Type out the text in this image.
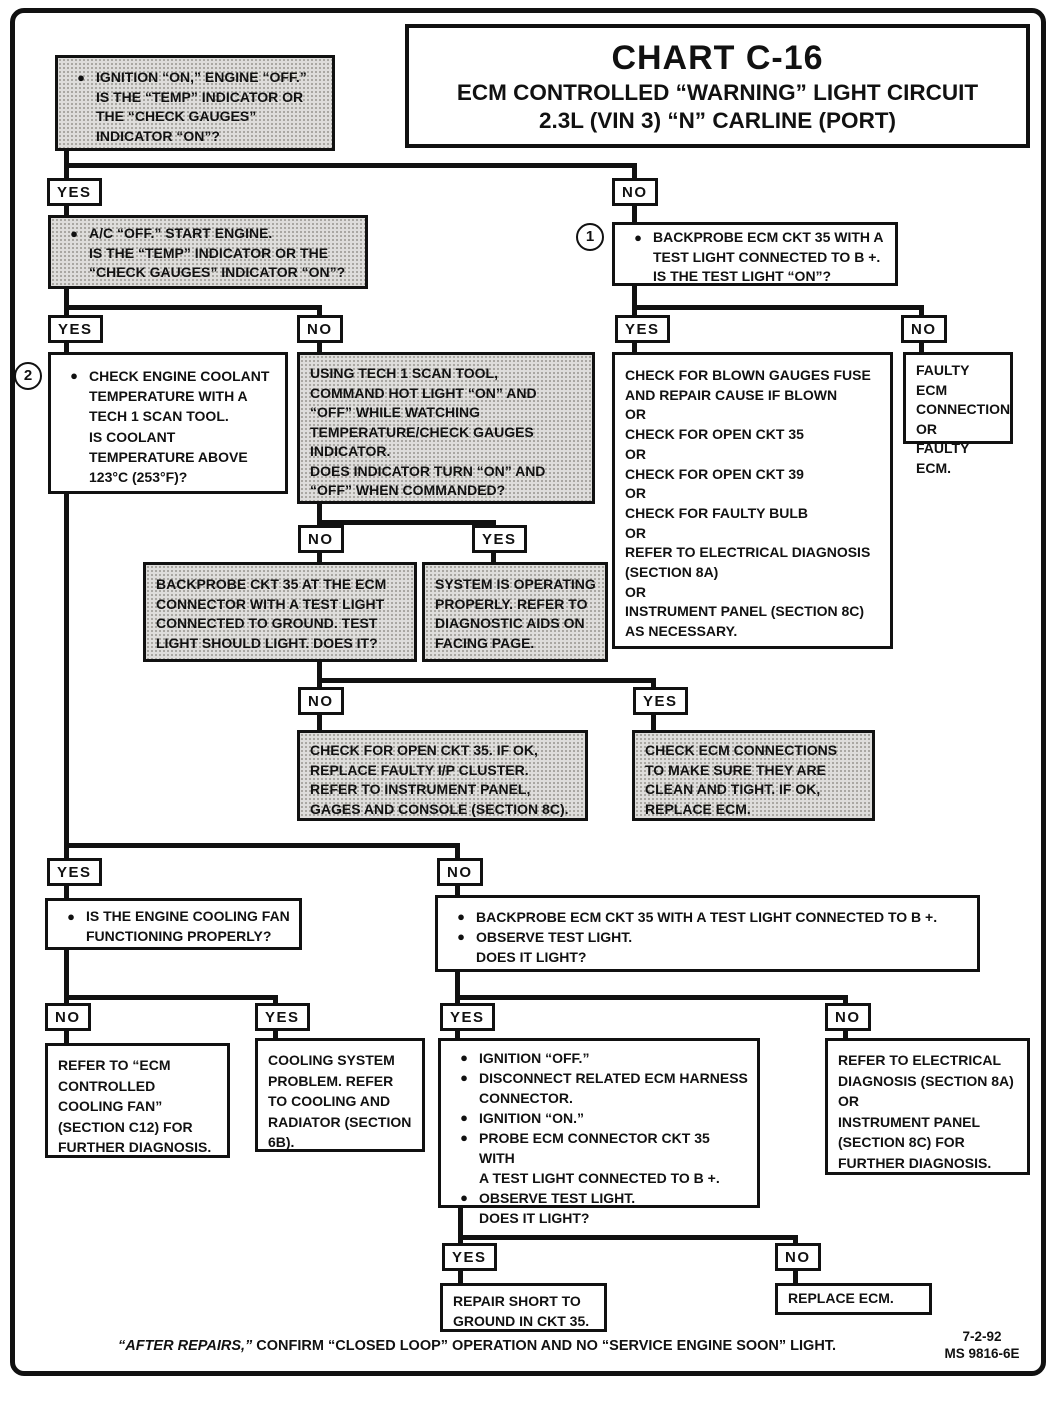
CHART C-16
ECM CONTROLLED “WARNING” LIGHT CIRCUIT
2.3L (VIN 3) “N” CARLINE (PORT)
1
2
● IGNITION “ON,” ENGINE “OFF.”
IS THE “TEMP” INDICATOR OR
THE “CHECK GAUGES”
INDICATOR “ON”?
● A/C “OFF.” START ENGINE.
IS THE “TEMP” INDICATOR OR THE
“CHECK GAUGES” INDICATOR “ON”?
● BACKPROBE ECM CKT 35 WITH A
TEST LIGHT CONNECTED TO B +.
IS THE TEST LIGHT “ON”?
● CHECK ENGINE COOLANT
TEMPERATURE WITH A
TECH 1 SCAN TOOL.
IS COOLANT
TEMPERATURE ABOVE
123°C (253°F)?
USING TECH 1 SCAN TOOL,
COMMAND HOT LIGHT “ON” AND
“OFF” WHILE WATCHING
TEMPERATURE/CHECK GAUGES
INDICATOR.
DOES INDICATOR TURN “ON” AND
“OFF” WHEN COMMANDED?
CHECK FOR BLOWN GAUGES FUSE
AND REPAIR CAUSE IF BLOWN
OR
CHECK FOR OPEN CKT 35
OR
CHECK FOR OPEN CKT 39
OR
CHECK FOR FAULTY BULB
OR
REFER TO ELECTRICAL DIAGNOSIS
(SECTION 8A)
OR
INSTRUMENT PANEL (SECTION 8C)
AS NECESSARY.
FAULTY ECM
CONNECTION
OR
FAULTY ECM.
BACKPROBE CKT 35 AT THE ECM
CONNECTOR WITH A TEST LIGHT
CONNECTED TO GROUND. TEST
LIGHT SHOULD LIGHT. DOES IT?
SYSTEM IS OPERATING
PROPERLY. REFER TO
DIAGNOSTIC AIDS ON
FACING PAGE.
CHECK FOR OPEN CKT 35. IF OK,
REPLACE FAULTY I/P CLUSTER.
REFER TO INSTRUMENT PANEL,
GAGES AND CONSOLE (SECTION 8C).
CHECK ECM CONNECTIONS
TO MAKE SURE THEY ARE
CLEAN AND TIGHT. IF OK,
REPLACE ECM.
● IS THE ENGINE COOLING FAN
FUNCTIONING PROPERLY?
● BACKPROBE ECM CKT 35 WITH A TEST LIGHT CONNECTED TO B +.
● OBSERVE TEST LIGHT.
DOES IT LIGHT?
REFER TO “ECM
CONTROLLED
COOLING FAN”
(SECTION C12) FOR
FURTHER DIAGNOSIS.
COOLING SYSTEM
PROBLEM. REFER
TO COOLING AND
RADIATOR (SECTION
6B).
● IGNITION “OFF.”
● DISCONNECT RELATED ECM HARNESS
CONNECTOR.
● IGNITION “ON.”
● PROBE ECM CONNECTOR CKT 35 WITH
A TEST LIGHT CONNECTED TO B +.
● OBSERVE TEST LIGHT.
DOES IT LIGHT?
REFER TO ELECTRICAL
DIAGNOSIS (SECTION 8A)
OR
INSTRUMENT PANEL
(SECTION 8C) FOR
FURTHER DIAGNOSIS.
REPAIR SHORT TO
GROUND IN CKT 35.
REPLACE ECM.
YES	NO
YES	NO	YES	NO
NO	YES
NO	YES
YES	NO
NO	YES	YES	NO
YES	NO
“AFTER REPAIRS,” CONFIRM “CLOSED LOOP” OPERATION AND NO “SERVICE ENGINE SOON” LIGHT.
7-2-92
MS 9816-6E
